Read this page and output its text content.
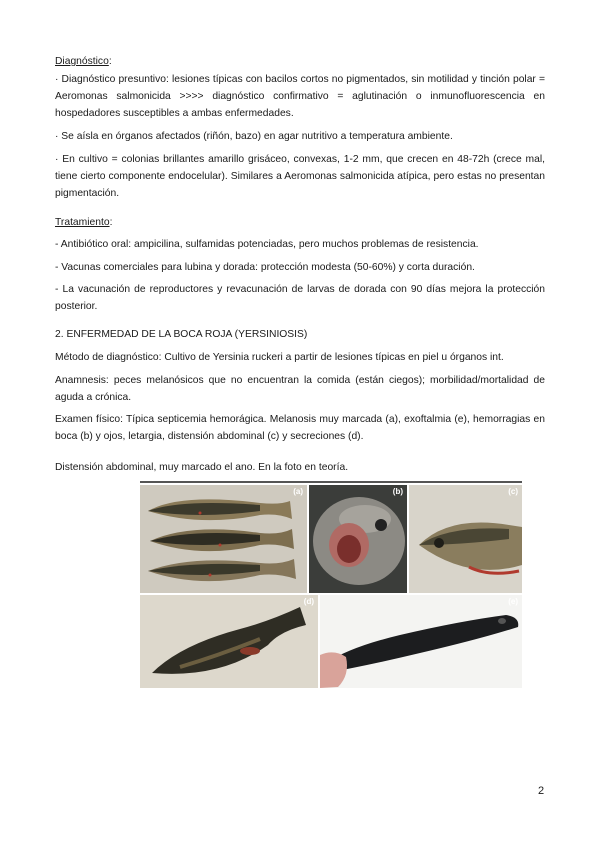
Diagnóstico:

· Diagnóstico presuntivo: lesiones típicas con bacilos cortos no pigmentados, sin motilidad y tinción polar = Aeromonas salmonicida >>>> diagnóstico confirmativo = aglutinación o inmunofluorescencia en hospedadores susceptibles a ambas enfermedades.

· Se aísla en órganos afectados (riñón, bazo) en agar nutritivo a temperatura ambiente.

· En cultivo = colonias brillantes amarillo grisáceo, convexas, 1-2 mm, que crecen en 48-72h (crece mal, tiene cierto componente endocelular). Similares a Aeromonas salmonicida atípica, pero estas no presentan pigmentación.

Tratamiento:

- Antibiótico oral: ampicilina, sulfamidas potenciadas, pero muchos problemas de resistencia.

- Vacunas comerciales para lubina y dorada: protección modesta (50-60%) y corta duración.

- La vacunación de reproductores y revacunación de larvas de dorada con 90 días mejora la protección posterior.

2. ENFERMEDAD DE LA BOCA ROJA (YERSINIOSIS)

Método de diagnóstico: Cultivo de Yersinia ruckeri a partir de lesiones típicas en piel u órganos int.

Anamnesis: peces melanósicos que no encuentran la comida (están ciegos); morbilidad/mortalidad de aguda a crónica.

Examen físico: Típica septicemia hemorágica. Melanosis muy marcada (a), exoftalmia (e), hemorragias en boca (b) y ojos, letargia, distensión abdominal (c) y secreciones (d).

Distensión abdominal, muy marcado el ano. En la foto en teoría.

(a)	(b)	(c)
(d)	(e)
2
